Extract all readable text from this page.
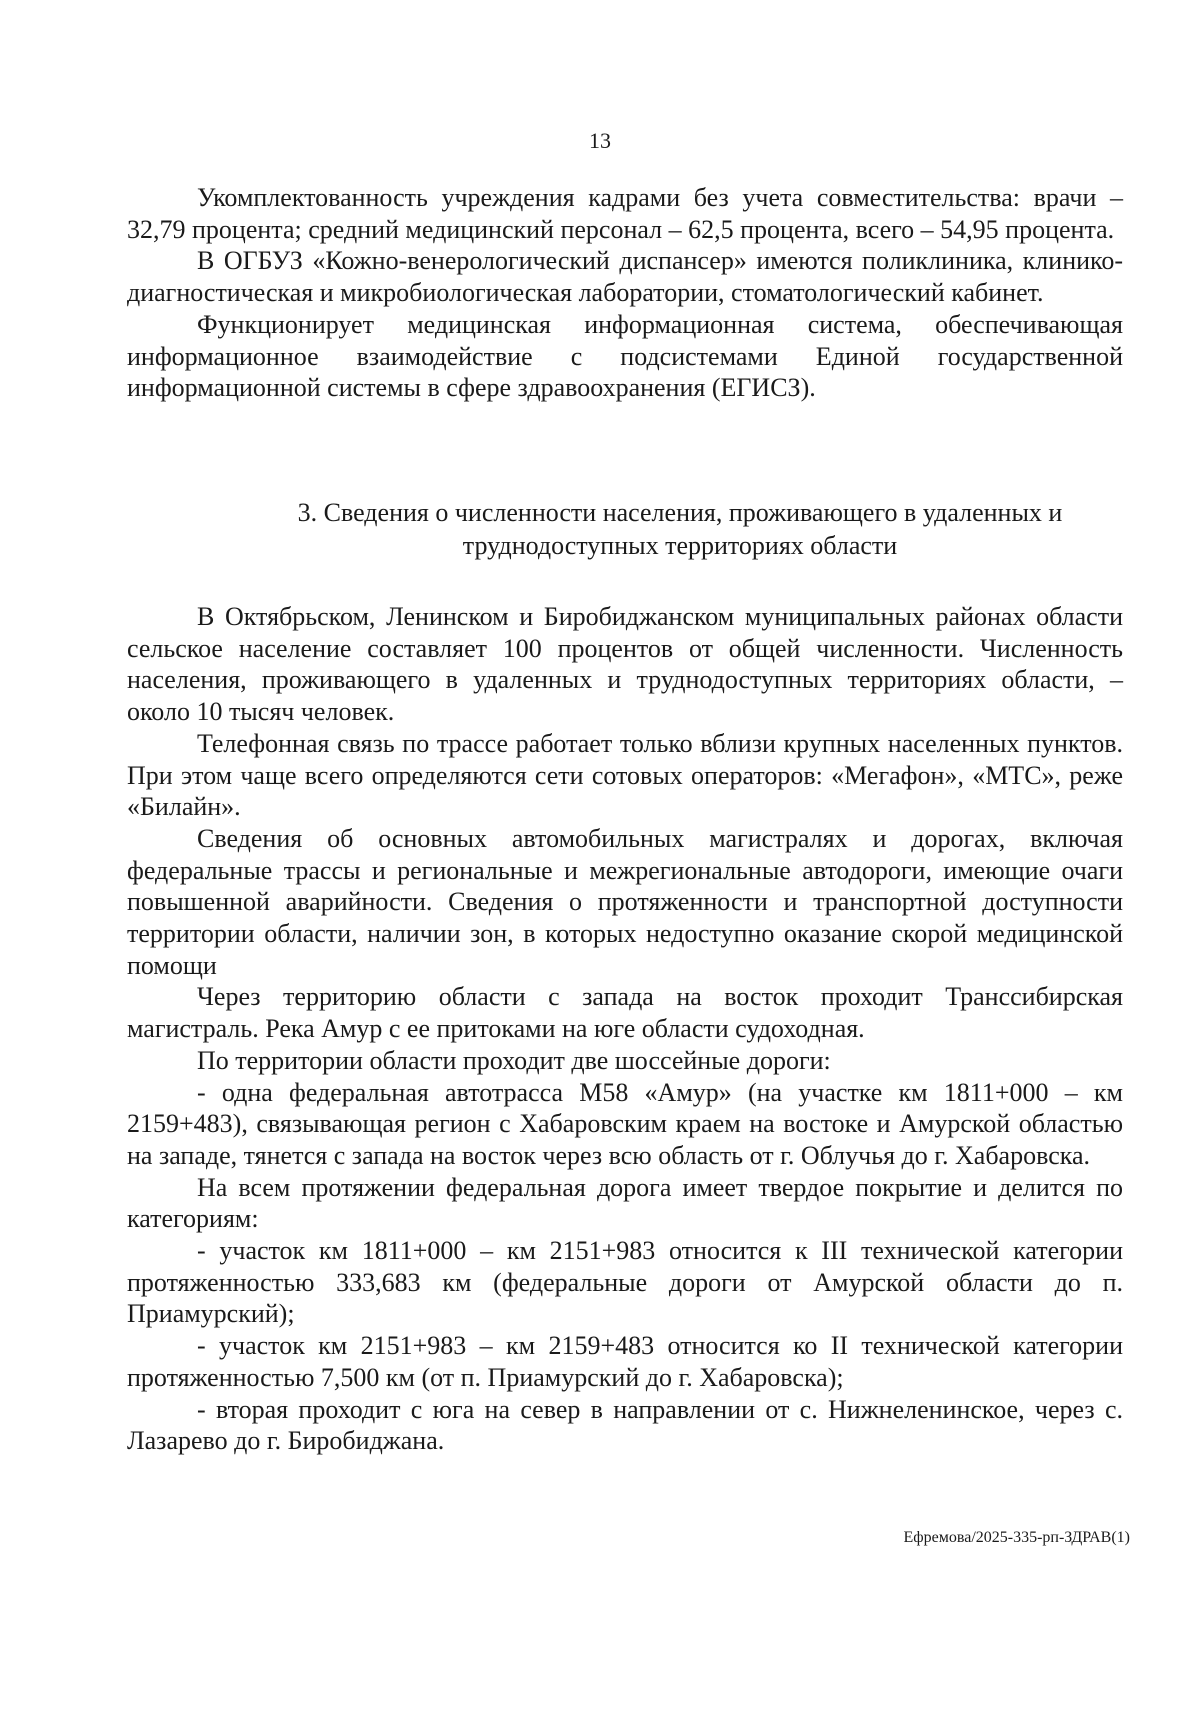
13

Укомплектованность учреждения кадрами без учета совместительства: врачи – 32,79 процента; средний медицинский персонал – 62,5 процента, всего – 54,95 процента.

В ОГБУЗ «Кожно-венерологический диспансер» имеются поликлиника, клинико-диагностическая и микробиологическая лаборатории, стоматологический кабинет.

Функционирует медицинская информационная система, обеспечивающая информационное взаимодействие с подсистемами Единой государственной информационной системы в сфере здравоохранения (ЕГИСЗ).

3. Сведения о численности населения, проживающего в удаленных и труднодоступных территориях области

В Октябрьском, Ленинском и Биробиджанском муниципальных районах области сельское население составляет 100 процентов от общей численности. Численность населения, проживающего в удаленных и труднодоступных территориях области, – около 10 тысяч человек.

Телефонная связь по трассе работает только вблизи крупных населенных пунктов. При этом чаще всего определяются сети сотовых операторов: «Мегафон», «МТС», реже «Билайн».

Сведения об основных автомобильных магистралях и дорогах, включая федеральные трассы и региональные и межрегиональные автодороги, имеющие очаги повышенной аварийности. Сведения о протяженности и транспортной доступности территории области, наличии зон, в которых недоступно оказание скорой медицинской помощи

Через территорию области с запада на восток проходит Транссибирская магистраль. Река Амур с ее притоками на юге области судоходная.

По территории области проходит две шоссейные дороги:

- одна федеральная автотрасса М58 «Амур» (на участке км 1811+000 – км 2159+483), связывающая регион с Хабаровским краем на востоке и Амурской областью на западе, тянется с запада на восток через всю область от г. Облучья до г. Хабаровска.

На всем протяжении федеральная дорога имеет твердое покрытие и делится по категориям:

- участок км 1811+000 – км 2151+983 относится к III технической категории протяженностью 333,683 км (федеральные дороги от Амурской области до п. Приамурский);

- участок км 2151+983 – км 2159+483 относится ко II технической категории протяженностью 7,500 км (от п. Приамурский до г. Хабаровска);

- вторая проходит с юга на север в направлении от с. Нижнеленинское, через с. Лазарево до г. Биробиджана.

Ефремова/2025-335-рп-ЗДРАВ(1)
